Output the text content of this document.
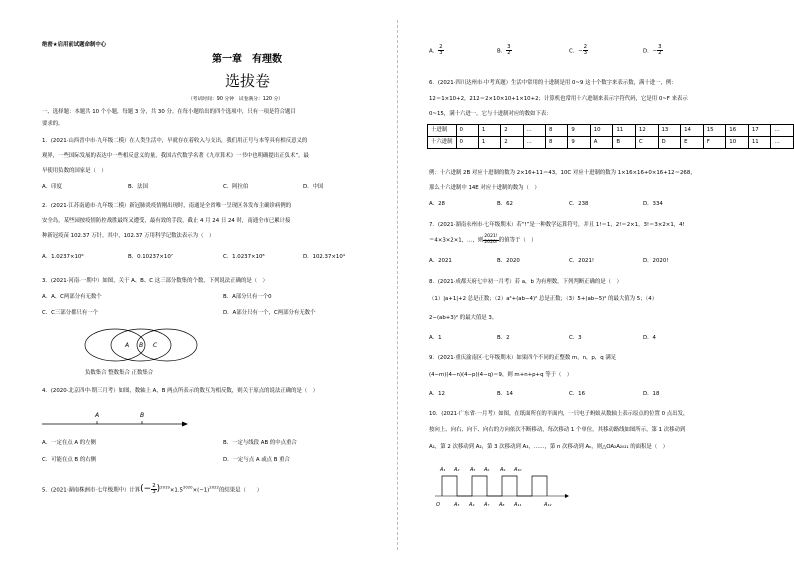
绝密★启用前试题命制中心
第一章　有理数
选拔卷
（考试时间：90 分钟　试卷满分：120 分）
一、选择题：本题共 10 个小题，每题 3 分，共 30 分。在每小题给出的四个选项中，只有一项是符合题目
要求的。
1．(2021·山西晋中市·九年级二模）在人类生活中，早就存在着收入与支出，我们用正号与本等具有相反意义的
观界，一些国际发展的表达中一些相反意义的量，我国古代数学名著《九章算术》一书中也明确提出正负术”。最
早使用负数的国家是（　）
A．印度	B．法国	C．阿拉伯	D．中国
2．(2021·江苏南通市·九年级二模）新冠肺炎疫情刚出现时，南通是全省唯一呈现区各发布主确诊病例的
安全岛。某些园按疫情防控战胜最终又遭受，最有效的手段，截止 4 月 24 日 24 时，南通全市已累计接
种新冠疫苗 102.37 万针。其中，102.37 万用科学记数法表示为（　）
A．1.0237×10⁶	B．0.10237×10⁷	C．1.0237×10⁸	D．102.37×10⁴
3．(2021·河南·一期中）如图，关于 A、B、C 这三部分数集的个数，下列说法正确的是（　）
A．A、C两部分有无数个	B．A部分只有一个0
C．C三部分都只有一个	D．A部分只有一个，C两部分有无数个
A B C
负数集合 整数集合 正数集合
4．(2020·北京四中·期三月考）如图，数轴上 A，B 两点所表示的数互为相反数，则关于原点的说法正确的是（　）
A	B
A．一定在点 A 的左侧	B．一定与线段 AB 的中点重合
C．可能在点 B 的右侧	D．一定与点 A 或点 B 重合
5．(2021·湖南株洲市·七年级期中）计算(− $\frac{2}{3} )^{2019}\times 1.5^{2020}\times(-1)^{2022}$的结果是（　　）
A． $\frac{2}{3}$	B． $\frac{3}{2}$	C．− $\frac{2}{3}$	D．− $\frac{3}{2}$
6．(2021·四川达州市·中考真题）生活中常用的十进制是用 0~9 这十个数字来表示数，满十进一，例：
12＝1×10+2，212＝2×10×10+1×10+2；计算机也常用十六进制来表示字符代码，它是用 0~F 来表示
0~15，满十六进一，它与十进制对应的数如下表：
十进制	0	1	2	…	8	9	10	11	12	13	14	15	16	17	…
十六进制	0	1	2	…	8	9	A	B	C	D	E	F	10	11	…
例：十六进制 2B 对应十进制的数为 2×16+11＝43，10C 对应十进制的数为 1×16×16+0×16+12＝268，
那么十六进制中 14E 对应十进制的数为（　）
A．28	B．62	C．238	D．334
7．(2021·湖南永州市·七年级期末）若“!”是一种数学运算符号，并且 1!＝1，2!＝2×1，3!＝3×2×1，4!
＝4×3×2×1，…，则 $\frac{2021!}{2020!}$ 的值等于（　）
A．2021	B．2020	C．2021!	D．2020!
8．(2021·成都天府七中初一月考）若 a，b 为有理数，下列判断正确的是（　）
（1）|a+1|+2 总是正数；（2）a²+(ab−4)² 总是正数；（3）5+(ab−5)² 的最大值为 5；（4）
2−(ab+3)² 的最大值是 3。
A．1	B．2	C．3	D．4
9．(2021·重庆渝南区·七年级期末）如果四个不同的正整数 m，n，p，q 满足
(4−m)(4−n)(4−p)(4−q)＝9，则 m+n+p+q 等于（　）
A．12	B．14	C．16	D．18
10．(2021·广东省·一月考）如图，在纸面所在的平面内，一只电子蚂蚁从数轴上表示原点的位置 0 点出发，
按向上、向右、向下、向右的方向依次不断移动，每次移动 1 个单位，其移动路线如图所示，第 1 次移动到
A₁，第 2 次移动到 A₂，第 3 次移动到 A₃，……，第 n 次移动到 Aₙ，则△OA₂A₂₀₂₁ 的面积是（　）
A₁ A₂ A₅ A₆ A₉ A₁₀
O	A₃ A₄ A₇ A₈ A₁₁	A₁₂
